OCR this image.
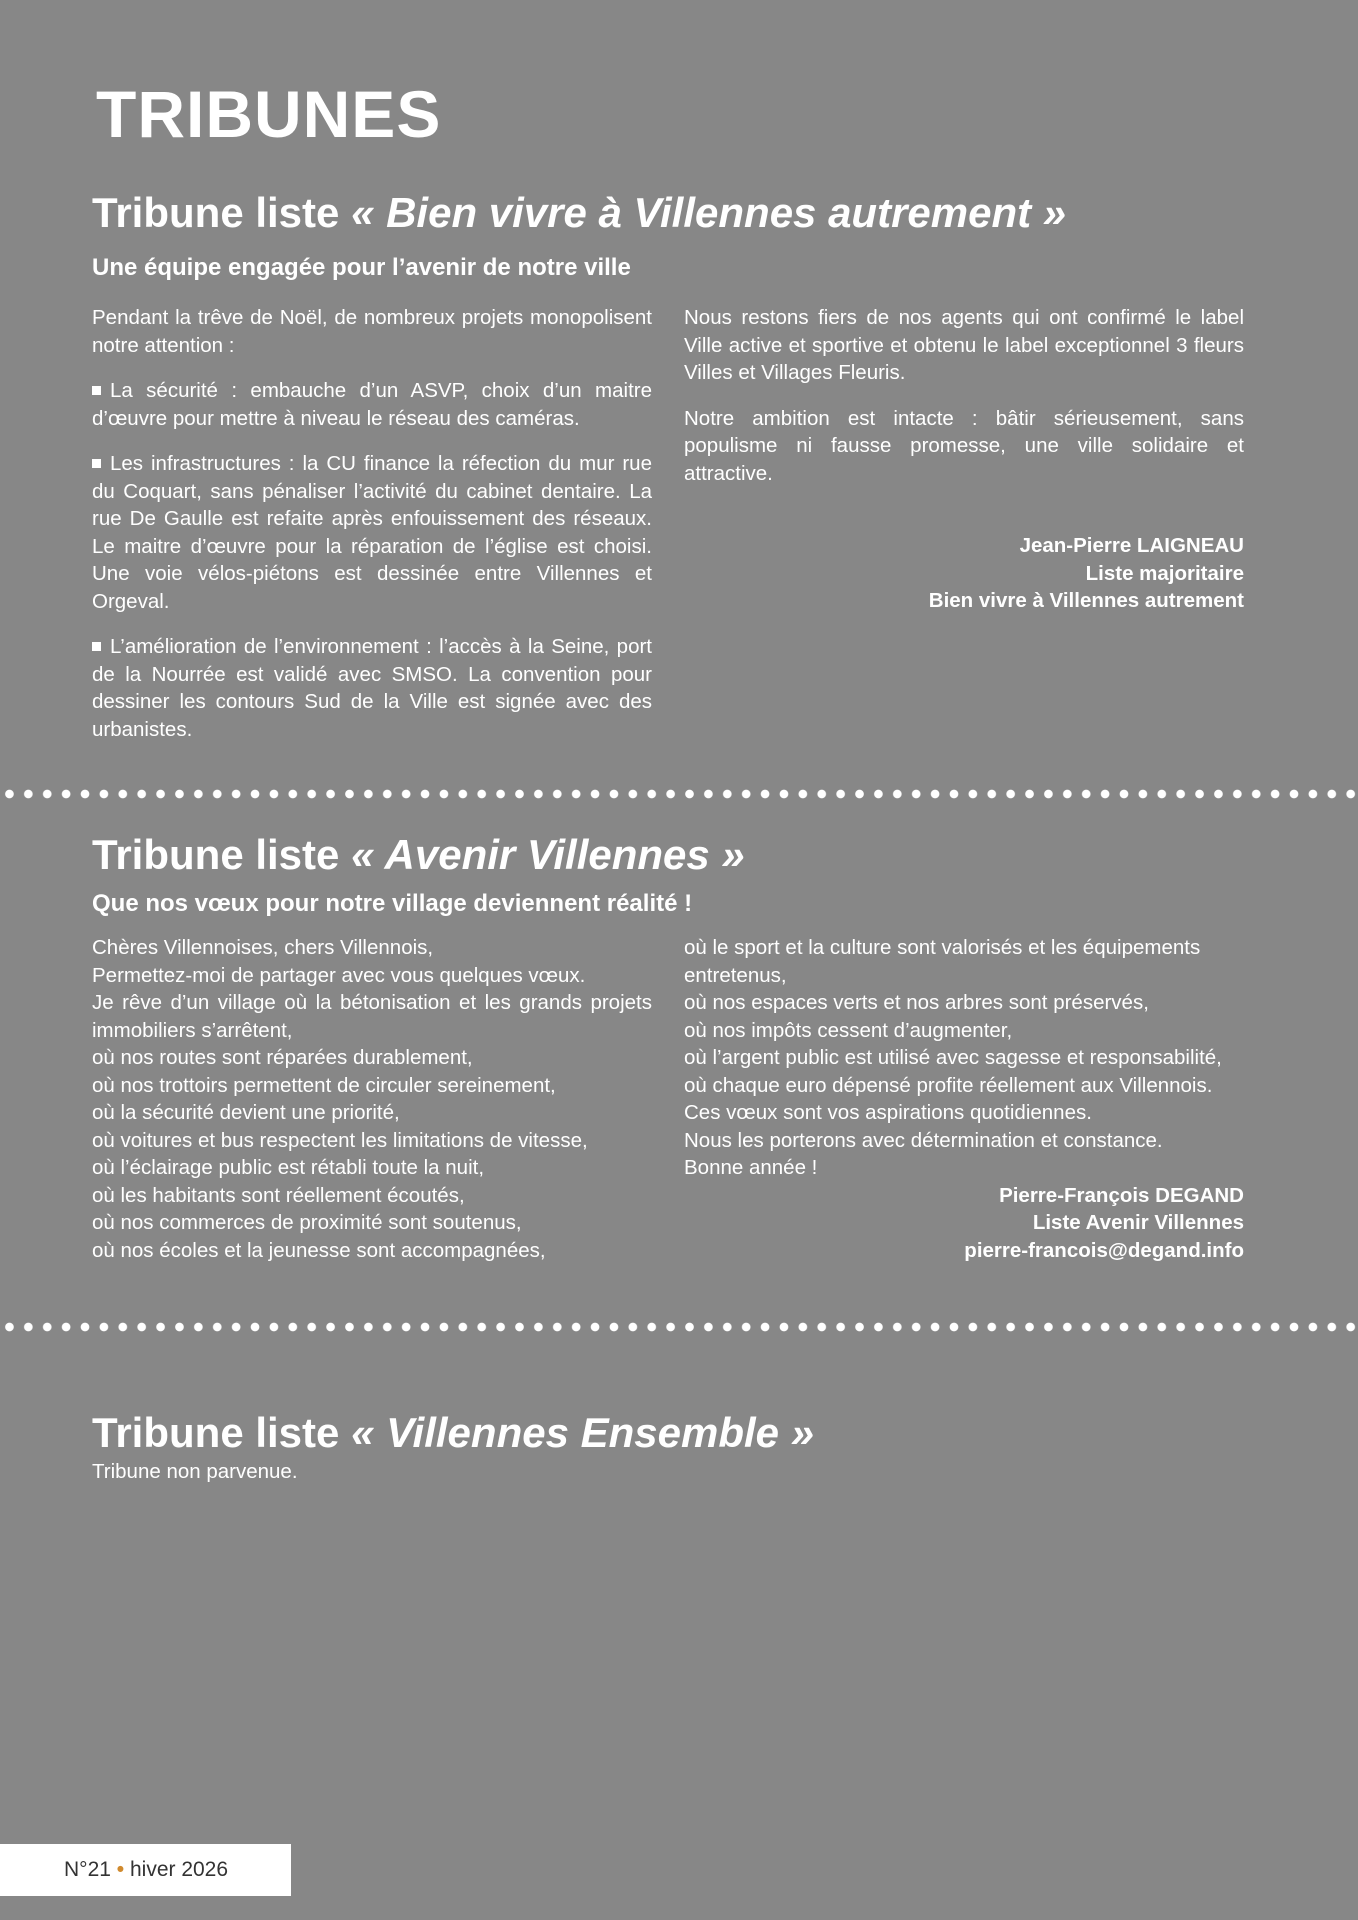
TRIBUNES
Tribune liste « Bien vivre à Villennes autrement »
Une équipe engagée pour l’avenir de notre ville

Pendant la trêve de Noël, de nombreux projets monopolisent notre attention :

La sécurité : embauche d’un ASVP, choix d’un maitre d’œuvre pour mettre à niveau le réseau des caméras.

Les infrastructures : la CU finance la réfection du mur rue du Coquart, sans pénaliser l’activité du cabinet dentaire. La rue De Gaulle est refaite après enfouissement des réseaux. Le maitre d’œuvre pour la réparation de l’église est choisi. Une voie vélos-piétons est dessinée entre Villennes et Orgeval.

L’amélioration de l’environnement : l’accès à la Seine, port de la Nourrée est validé avec SMSO. La convention pour dessiner les contours Sud de la Ville est signée avec des urbanistes.

Nous restons fiers de nos agents qui ont confirmé le label Ville active et sportive et obtenu le label exceptionnel 3 fleurs Villes et Villages Fleuris.

Notre ambition est intacte : bâtir sérieusement, sans populisme ni fausse promesse, une ville solidaire et attractive.

Jean-Pierre LAIGNEAU
Liste majoritaire
Bien vivre à Villennes autrement
Tribune liste « Avenir Villennes »
Que nos vœux pour notre village deviennent réalité !
Chères Villennoises, chers Villennois,
Permettez-moi de partager avec vous quelques vœux.
Je rêve d’un village où la bétonisation et les grands projets immobiliers s’arrêtent,
où nos routes sont réparées durablement,
où nos trottoirs permettent de circuler sereinement,
où la sécurité devient une priorité,
où voitures et bus respectent les limitations de vitesse,
où l’éclairage public est rétabli toute la nuit,
où les habitants sont réellement écoutés,
où nos commerces de proximité sont soutenus,
où nos écoles et la jeunesse sont accompagnées,
où le sport et la culture sont valorisés et les équipements entretenus,
où nos espaces verts et nos arbres sont préservés,
où nos impôts cessent d’augmenter,
où l’argent public est utilisé avec sagesse et responsabilité,
où chaque euro dépensé profite réellement aux Villennois.
Ces vœux sont vos aspirations quotidiennes.
Nous les porterons avec détermination et constance.
Bonne année !
Pierre-François DEGAND
Liste Avenir Villennes
pierre-francois@degand.info
Tribune liste « Villennes Ensemble »
Tribune non parvenue.
N°21 • hiver 2026
